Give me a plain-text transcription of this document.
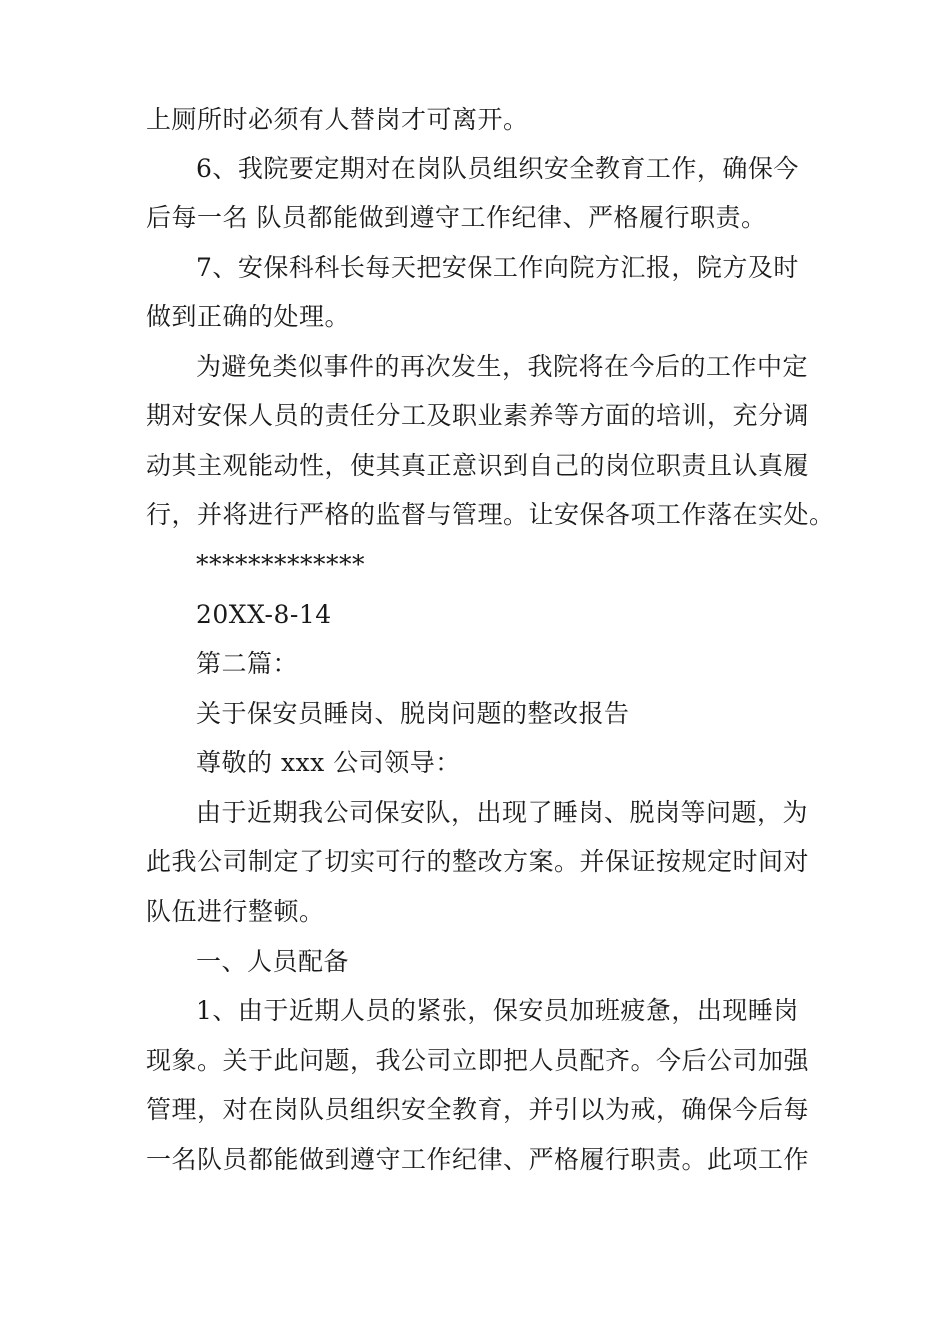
上厕所时必须有人替岗才可离开。
6、我院要定期对在岗队员组织安全教育工作，确保今
后每一名 队员都能做到遵守工作纪律、严格履行职责。
7、安保科科长每天把安保工作向院方汇报，院方及时
做到正确的处理。
为避免类似事件的再次发生，我院将在今后的工作中定
期对安保人员的责任分工及职业素养等方面的培训，充分调
动其主观能动性，使其真正意识到自己的岗位职责且认真履
行，并将进行严格的监督与管理。让安保各项工作落在实处。
*************
20XX-8-14
第二篇：
关于保安员睡岗、脱岗问题的整改报告
尊敬的 xxx 公司领导：
由于近期我公司保安队，出现了睡岗、脱岗等问题，为
此我公司制定了切实可行的整改方案。并保证按规定时间对
队伍进行整顿。
一、人员配备
1、由于近期人员的紧张，保安员加班疲惫，出现睡岗
现象。关于此问题，我公司立即把人员配齐。今后公司加强
管理，对在岗队员组织安全教育，并引以为戒，确保今后每
一名队员都能做到遵守工作纪律、严格履行职责。此项工作
